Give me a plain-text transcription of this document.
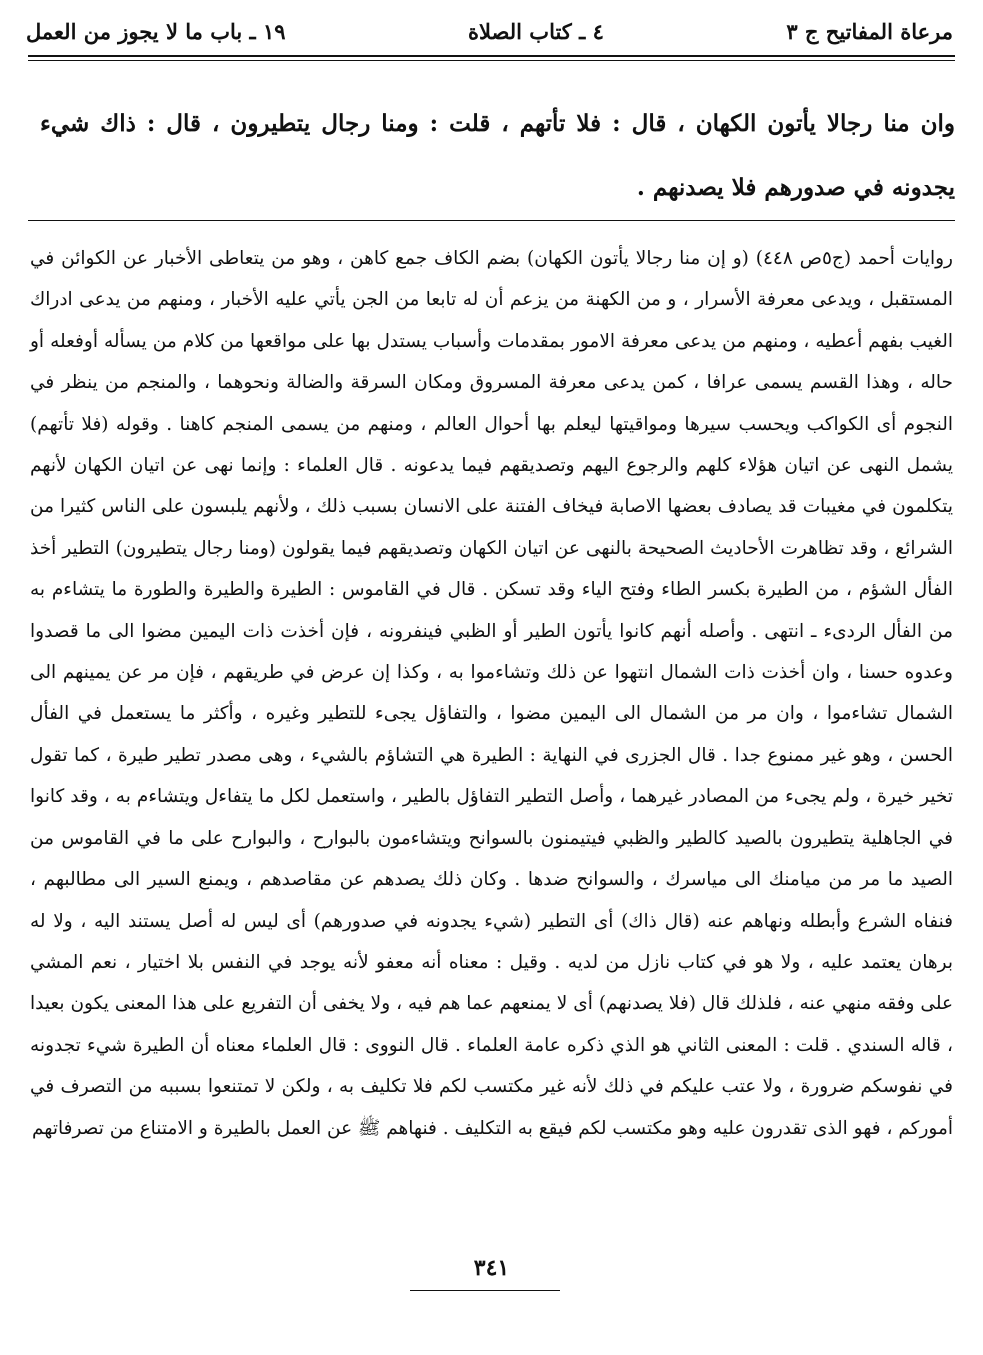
مرعاة المفاتيح ج ٣
٤ ـ كتاب الصلاة
١٩ ـ باب ما لا يجوز من العمل
وان منا رجالا يأتون الكهان ، قال : فلا تأتهم ، قلت : ومنا رجال يتطيرون ، قال : ذاك شيء يجدونه في صدورهم فلا يصدنهم .
روايات أحمد (ج٥ص ٤٤٨) (و إن منا رجالا يأتون الكهان) بضم الكاف جمع كاهن ، وهو من يتعاطى الأخبار عن الكوائن في المستقبل ، ويدعى معرفة الأسرار ، و من الكهنة من يزعم أن له تابعا من الجن يأتي عليه الأخبار ، ومنهم من يدعى ادراك الغيب بفهم أعطيه ، ومنهم من يدعى معرفة الامور بمقدمات وأسباب يستدل بها على مواقعها من كلام من يسأله أوفعله أو حاله ، وهذا القسم يسمى عرافا ، كمن يدعى معرفة المسروق ومكان السرقة والضالة ونحوهما ، والمنجم من ينظر في النجوم أى الكواكب ويحسب سيرها ومواقيتها ليعلم بها أحوال العالم ، ومنهم من يسمى المنجم كاهنا . وقوله (فلا تأتهم) يشمل النهى عن اتيان هؤلاء كلهم والرجوع اليهم وتصديقهم فيما يدعونه . قال العلماء : وإنما نهى عن اتيان الكهان لأنهم يتكلمون في مغيبات قد يصادف بعضها الاصابة فيخاف الفتنة على الانسان بسبب ذلك ، ولأنهم يلبسون على الناس كثيرا من الشرائع ، وقد تظاهرت الأحاديث الصحيحة بالنهى عن اتيان الكهان وتصديقهم فيما يقولون (ومنا رجال يتطيرون) التطير أخذ الفأل الشؤم ، من الطيرة بكسر الطاء وفتح الياء وقد تسكن . قال في القاموس : الطيرة والطيرة والطورة ما يتشاءم به من الفأل الردىء ـ انتهى . وأصله أنهم كانوا يأتون الطير أو الظبي فينفرونه ، فإن أخذت ذات اليمين مضوا الى ما قصدوا وعدوه حسنا ، وان أخذت ذات الشمال انتهوا عن ذلك وتشاءموا به ، وكذا إن عرض في طريقهم ، فإن مر عن يمينهم الى الشمال تشاءموا ، وان مر من الشمال الى اليمين مضوا ، والتفاؤل يجىء للتطير وغيره ، وأكثر ما يستعمل في الفأل الحسن ، وهو غير ممنوع جدا . قال الجزرى في النهاية : الطيرة هي التشاؤم بالشيء ، وهى مصدر تطير طيرة ، كما تقول تخير خيرة ، ولم يجىء من المصادر غيرهما ، وأصل التطير التفاؤل بالطير ، واستعمل لكل ما يتفاءل ويتشاءم به ، وقد كانوا في الجاهلية يتطيرون بالصيد كالطير والظبي فيتيمنون بالسوانح ويتشاءمون بالبوارح ، والبوارح على ما في القاموس من الصيد ما مر من ميامنك الى مياسرك ، والسوانح ضدها . وكان ذلك يصدهم عن مقاصدهم ، ويمنع السير الى مطالبهم ، فنفاه الشرع وأبطله ونهاهم عنه (قال ذاك) أى التطير (شيء يجدونه في صدورهم) أى ليس له أصل يستند اليه ، ولا له برهان يعتمد عليه ، ولا هو في كتاب نازل من لديه . وقيل : معناه أنه معفو لأنه يوجد في النفس بلا اختيار ، نعم المشي على وفقه منهي عنه ، فلذلك قال (فلا يصدنهم) أى لا يمنعهم عما هم فيه ، ولا يخفى أن التفريع على هذا المعنى يكون بعيدا ، قاله السندي . قلت : المعنى الثاني هو الذي ذكره عامة العلماء . قال النووى : قال العلماء معناه أن الطيرة شيء تجدونه في نفوسكم ضرورة ، ولا عتب عليكم في ذلك لأنه غير مكتسب لكم فلا تكليف به ، ولكن لا تمتنعوا بسببه من التصرف في أموركم ، فهو الذى تقدرون عليه وهو مكتسب لكم فيقع به التكليف . فنهاهم ﷺ عن العمل بالطيرة و الامتناع من تصرفاتهم
٣٤١
